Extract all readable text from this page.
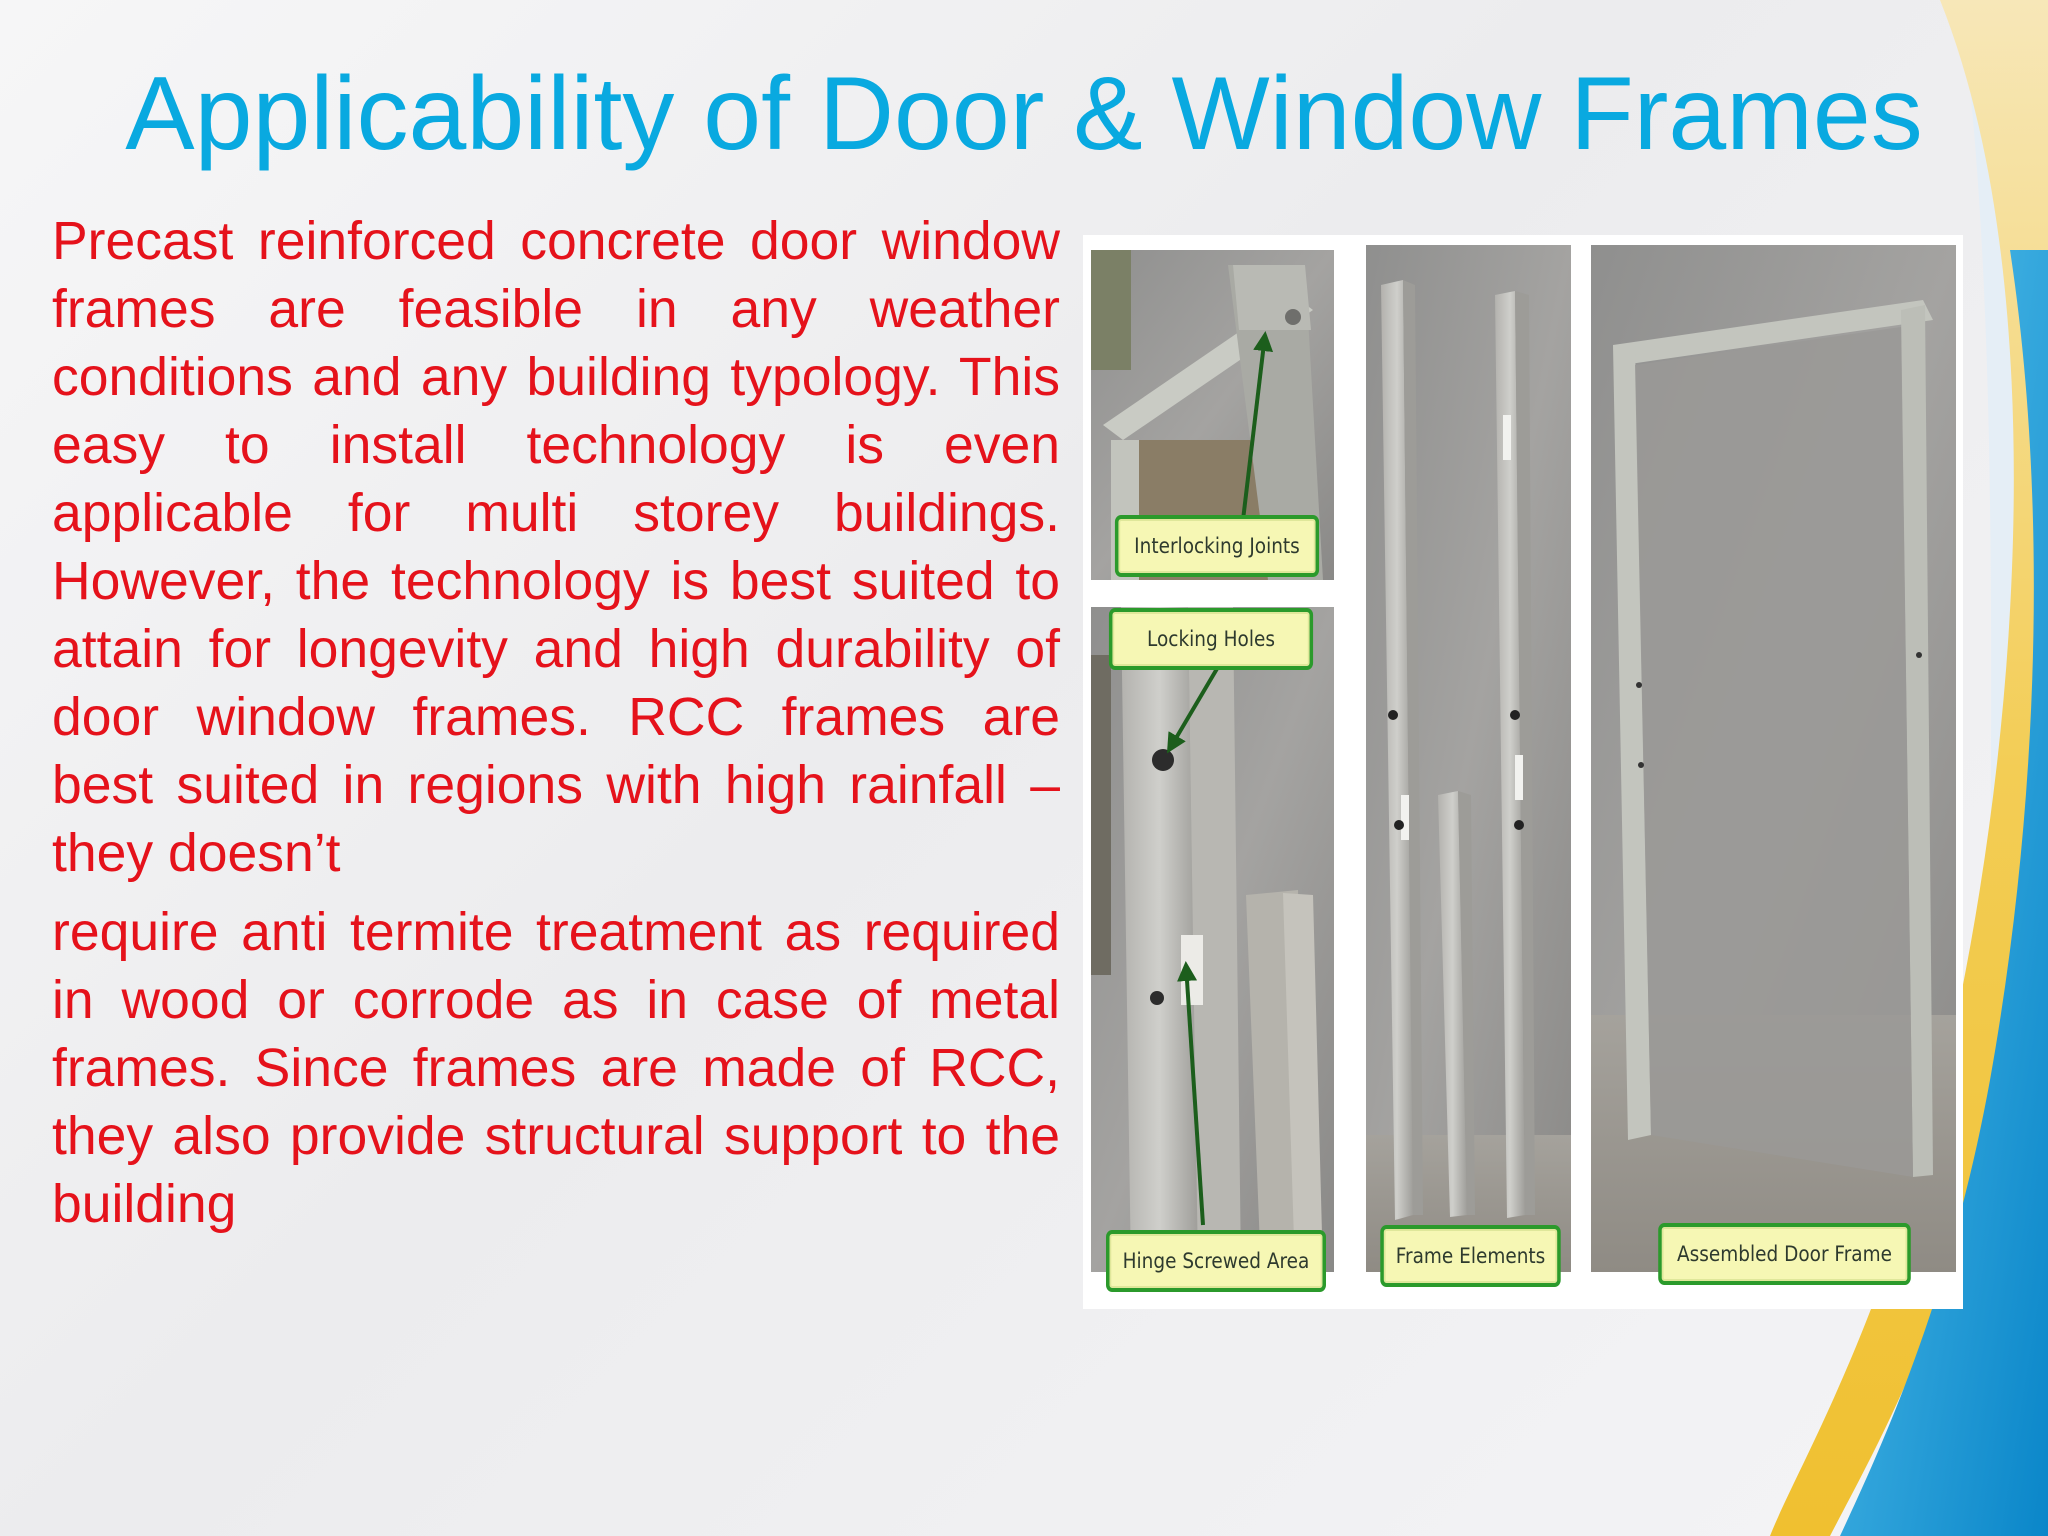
Applicability of Door & Window Frames

Precast reinforced concrete door window frames are feasible in any weather conditions and any building typology. This easy to install technology is even applicable for multi storey buildings. However, the technology is best suited to attain for longevity and high durability of door window frames. RCC frames are best suited in regions with high rainfall – they doesn’t

require anti termite treatment as required in wood or corrode as in case of metal frames. Since frames are made of RCC, they also provide structural support to the building

Interlocking Joints
Locking Holes
Hinge Screwed Area	Frame Elements	Assembled Door Frame
